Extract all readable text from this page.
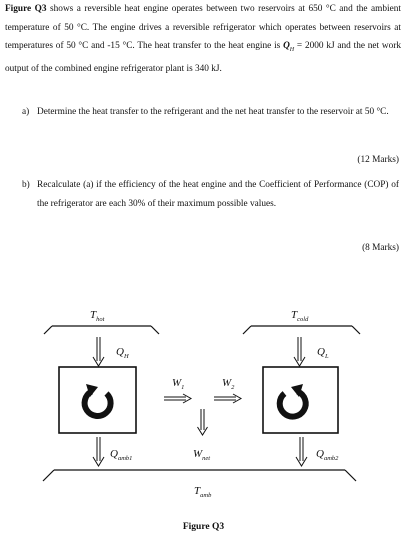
Figure Q3 shows a reversible heat engine operates between two reservoirs at 650 °C and the ambient temperature of 50 °C. The engine drives a reversible refrigerator which operates between reservoirs at temperatures of 50 °C and -15 °C. The heat transfer to the heat engine is $Q_H = 2000$ kJ and the net work output of the combined engine refrigerator plant is 340 kJ.

a) Determine the heat transfer to the refrigerant and the net heat transfer to the reservoir at 50 °C.

(12 Marks)
b) Recalculate (a) if the efficiency of the heat engine and the Coefficient of Performance (COP) of the refrigerator are each 30% of their maximum possible values.

(8 Marks)
$T_{hot}$	$T_{cold}$
$Q_H$	$Q_L$
$W_1$	$W_2$
$W_{net}$
$Q_{amb1}$	$Q_{amb2}$
$T_{amb}$
Figure Q3
